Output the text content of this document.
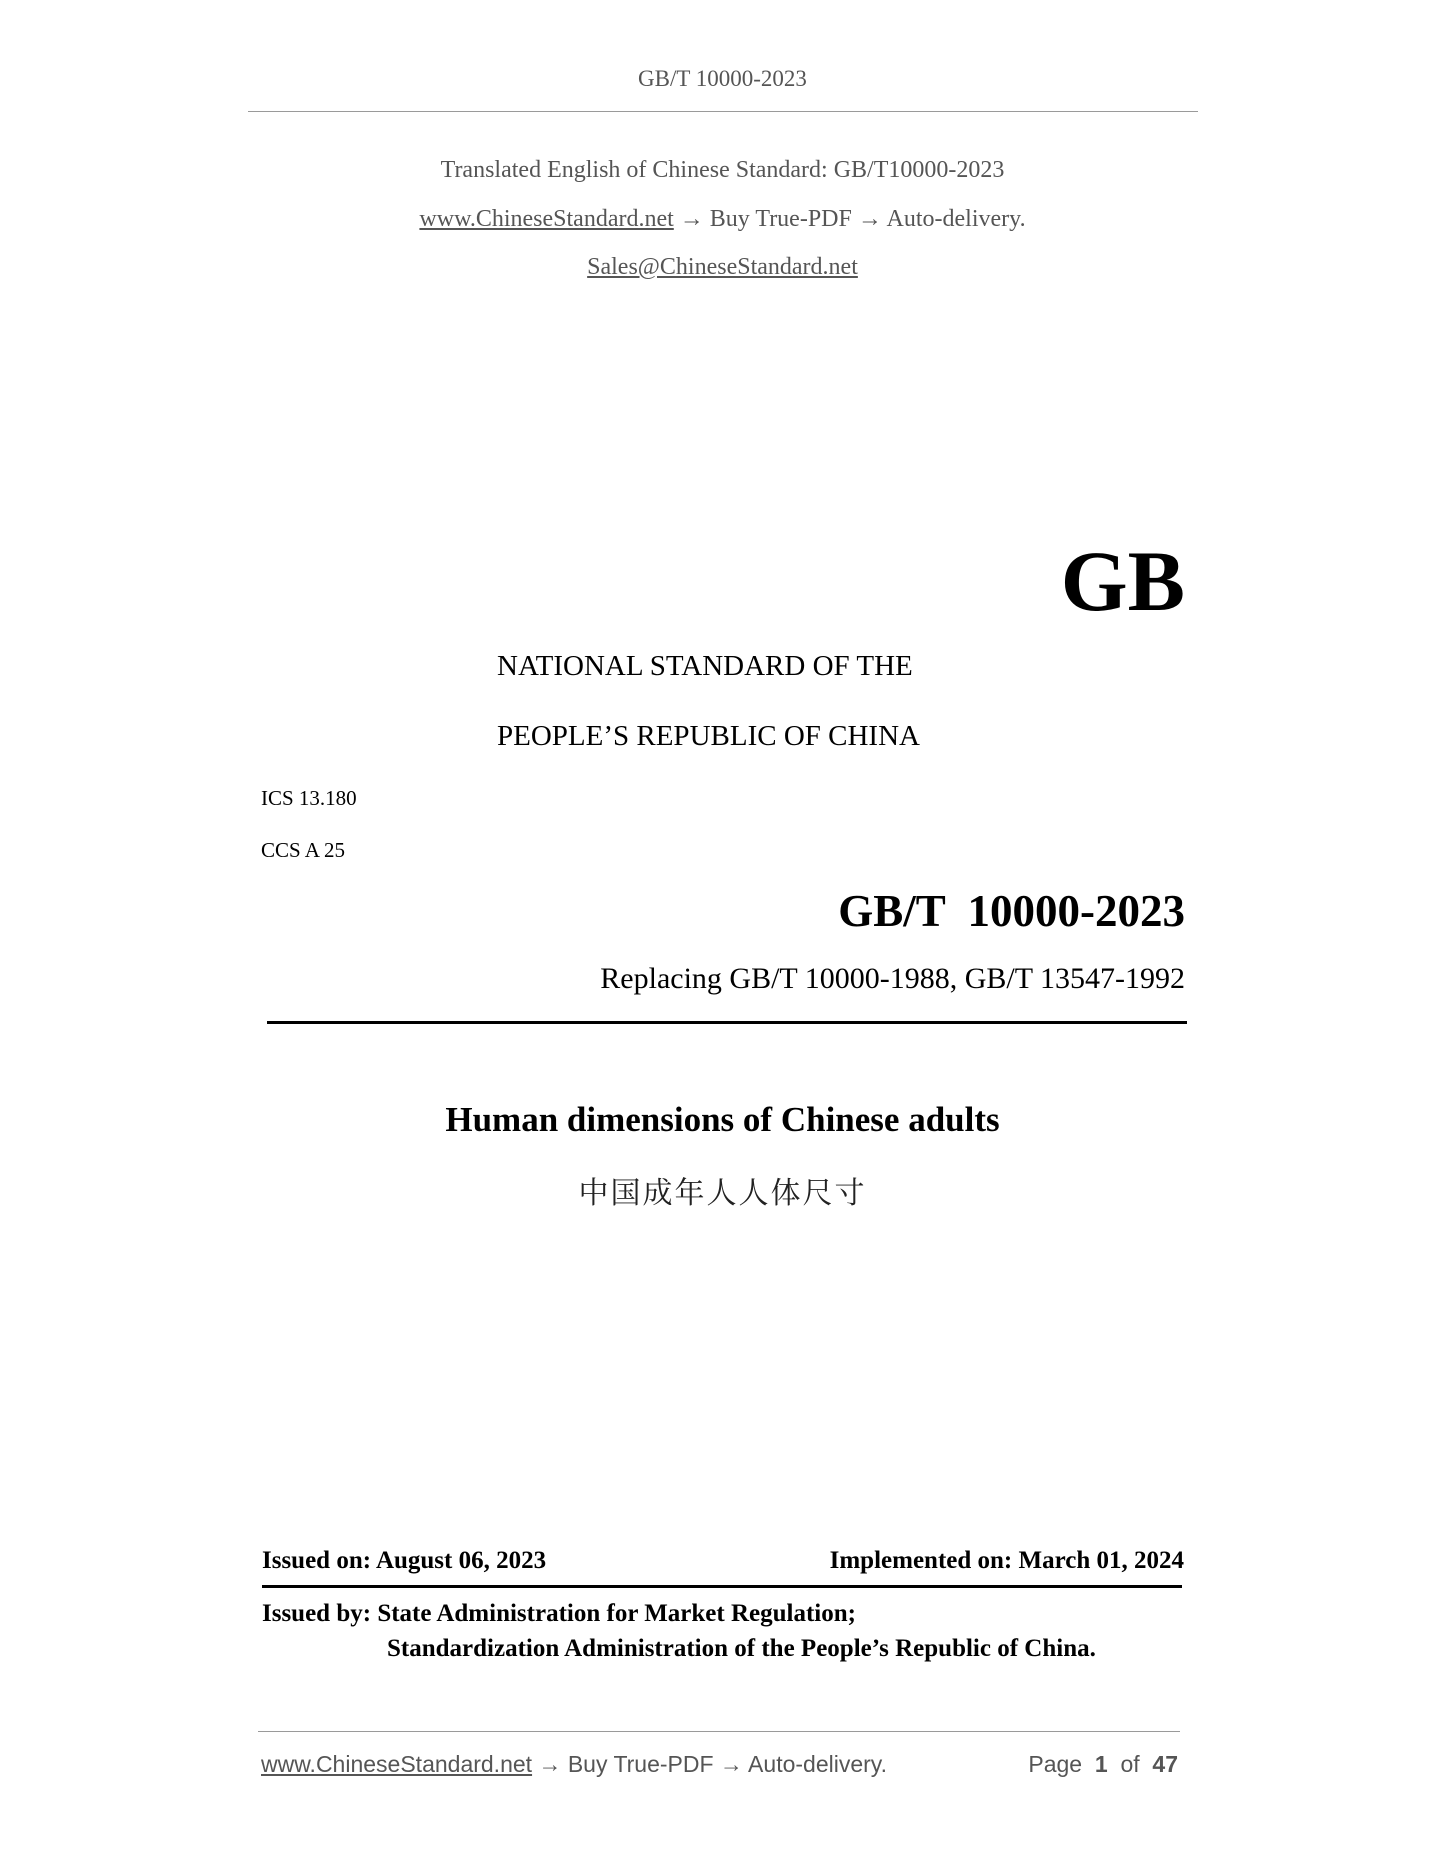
GB/T 10000-2023
Translated English of Chinese Standard: GB/T10000-2023
www.ChineseStandard.net → Buy True-PDF → Auto-delivery.
Sales@ChineseStandard.net
GB
NATIONAL STANDARD OF THE
PEOPLE’S REPUBLIC OF CHINA
ICS 13.180
CCS A 25
GB/T  10000-2023
Replacing GB/T 10000-1988, GB/T 13547-1992
Human dimensions of Chinese adults
中国成年人人体尺寸
Issued on: August 06, 2023	Implemented on: March 01, 2024
Issued by: State Administration for Market Regulation;
Standardization Administration of the People’s Republic of China.
www.ChineseStandard.net → Buy True-PDF → Auto-delivery.	Page 1 of 47
